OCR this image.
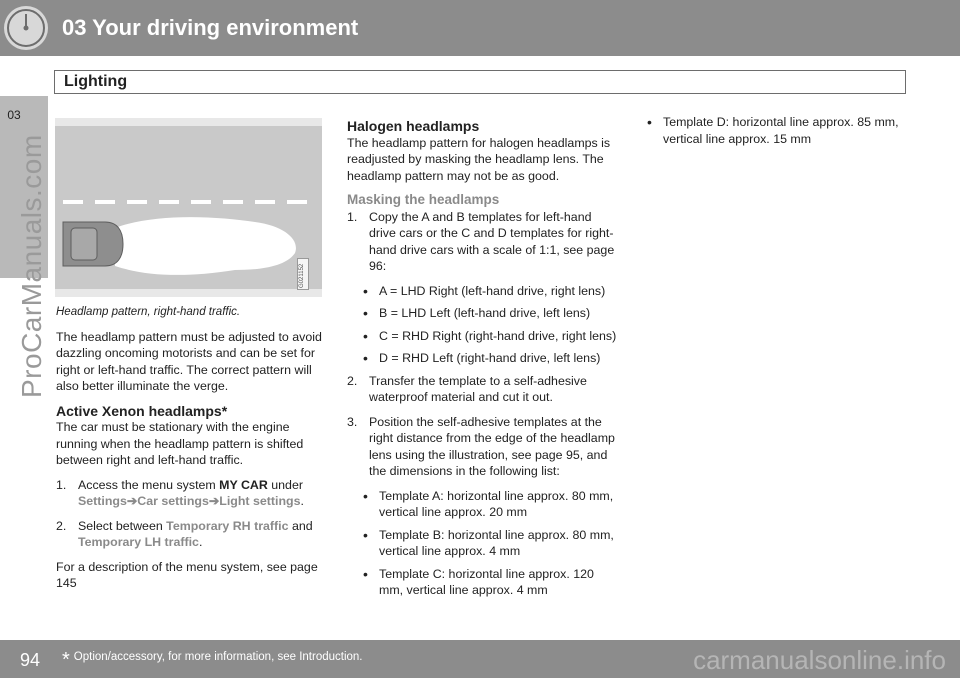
03 Your driving environment
Lighting
03
ProCarManuals.com	G021152

Headlamp pattern, right-hand traffic.

The headlamp pattern must be adjusted to avoid dazzling oncoming motorists and can be set for right or left-hand traffic. The correct pattern will also better illuminate the verge.

Active Xenon headlamps*

The car must be stationary with the engine running when the headlamp pattern is shifted between right and left-hand traffic.

1. Access the menu system MY CAR under Settings➔Car settings➔Light settings.
2. Select between Temporary RH traffic and Temporary LH traffic.

For a description of the menu system, see page 145

Halogen headlamps

The headlamp pattern for halogen headlamps is readjusted by masking the headlamp lens. The headlamp pattern may not be as good.

Masking the headlamps
1. Copy the A and B templates for left-hand drive cars or the C and D templates for right-hand drive cars with a scale of 1:1, see page 96:
• A = LHD Right (left-hand drive, right lens)
• B = LHD Left (left-hand drive, left lens)
• C = RHD Right (right-hand drive, right lens)
• D = RHD Left (right-hand drive, left lens)
2. Transfer the template to a self-adhesive waterproof material and cut it out.
3. Position the self-adhesive templates at the right distance from the edge of the headlamp lens using the illustration, see page 95, and the dimensions in the following list:
• Template A: horizontal line approx. 80 mm, vertical line approx. 20 mm
• Template B: horizontal line approx. 80 mm, vertical line approx. 4 mm
• Template C: horizontal line approx. 120 mm, vertical line approx. 4 mm
• Template D: horizontal line approx. 85 mm, vertical line approx. 15 mm
94 * Option/accessory, for more information, see Introduction.	carmanualsonline.info
